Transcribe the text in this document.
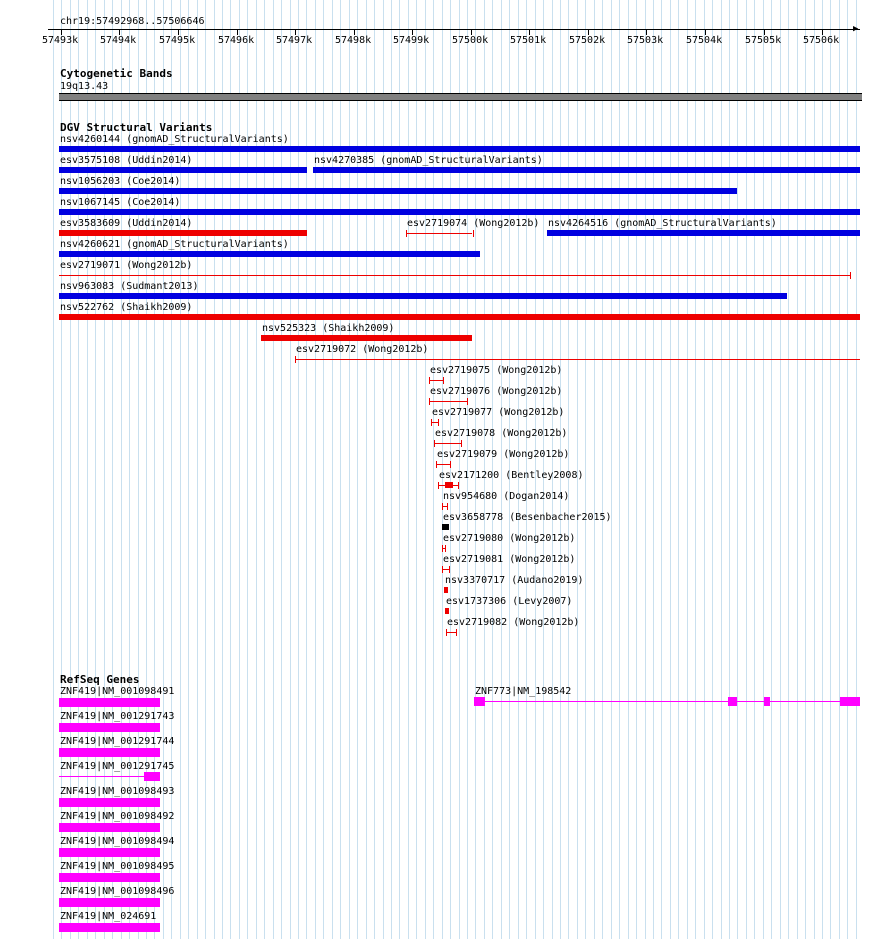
chr19:57492968..57506646
▶
57493k 57494k 57495k 57496k 57497k 57498k 57499k 57500k 57501k 57502k 57503k 57504k 57505k 57506k
Cytogenetic Bands
19q13.43
DGV Structural Variants
nsv4260144 (gnomAD_StructuralVariants)
esv3575108 (Uddin2014)	nsv4270385 (gnomAD_StructuralVariants)
nsv1056203 (Coe2014)
nsv1067145 (Coe2014)
esv3583609 (Uddin2014)	esv2719074 (Wong2012b) nsv4264516 (gnomAD_StructuralVariants)
nsv4260621 (gnomAD_StructuralVariants)
esv2719071 (Wong2012b)
nsv963083 (Sudmant2013)
nsv522762 (Shaikh2009)
nsv525323 (Shaikh2009)
esv2719072 (Wong2012b)
esv2719075 (Wong2012b)
esv2719076 (Wong2012b)
esv2719077 (Wong2012b)
esv2719078 (Wong2012b)
esv2719079 (Wong2012b)
esv2171200 (Bentley2008)
nsv954680 (Dogan2014)
esv3658778 (Besenbacher2015)
esv2719080 (Wong2012b)
esv2719081 (Wong2012b)
nsv3370717 (Audano2019)
esv1737306 (Levy2007)
esv2719082 (Wong2012b)
RefSeq Genes
ZNF419|NM_001098491
ZNF419|NM_001291743
ZNF419|NM_001291744
ZNF419|NM_001291745
ZNF419|NM_001098493
ZNF419|NM_001098492
ZNF419|NM_001098494
ZNF419|NM_001098495
ZNF419|NM_001098496
ZNF419|NM_024691
ZNF773|NM_198542
